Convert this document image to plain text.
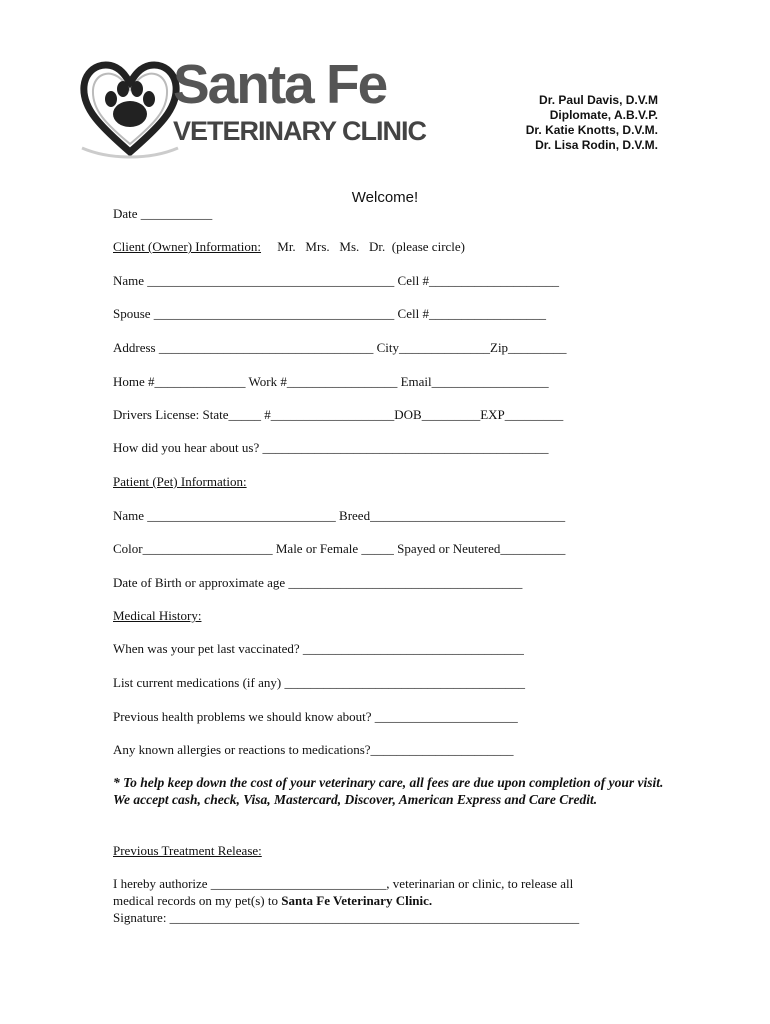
Santa Fe
VETERINARY CLINIC
Dr. Paul Davis, D.V.M
Diplomate, A.B.V.P.
Dr. Katie Knotts, D.V.M.
Dr. Lisa Rodin, D.V.M.
Welcome!
Date ___________
Client (Owner) Information: Mr.   Mrs.   Ms.   Dr.  (please circle)
Name ______________________________________ Cell #____________________
Spouse _____________________________________ Cell #__________________
Address _________________________________ City______________Zip_________
Home #______________ Work #_________________ Email__________________
Drivers License: State_____ #___________________DOB_________EXP_________
How did you hear about us? ____________________________________________
Patient (Pet) Information:
Name _____________________________ Breed______________________________
Color____________________ Male or Female _____ Spayed or Neutered__________
Date of Birth or approximate age ____________________________________
Medical History:
When was your pet last vaccinated? __________________________________
List current medications (if any) _____________________________________
Previous health problems we should know about? ______________________
Any known allergies or reactions to medications?______________________
* To help keep down the cost of your veterinary care, all fees are due upon completion of your visit. We accept cash, check, Visa, Mastercard, Discover, American Express and Care Credit.
Previous Treatment Release:
I hereby authorize ___________________________, veterinarian or clinic, to release all
medical records on my pet(s) to Santa Fe Veterinary Clinic.
Signature: _______________________________________________________________
